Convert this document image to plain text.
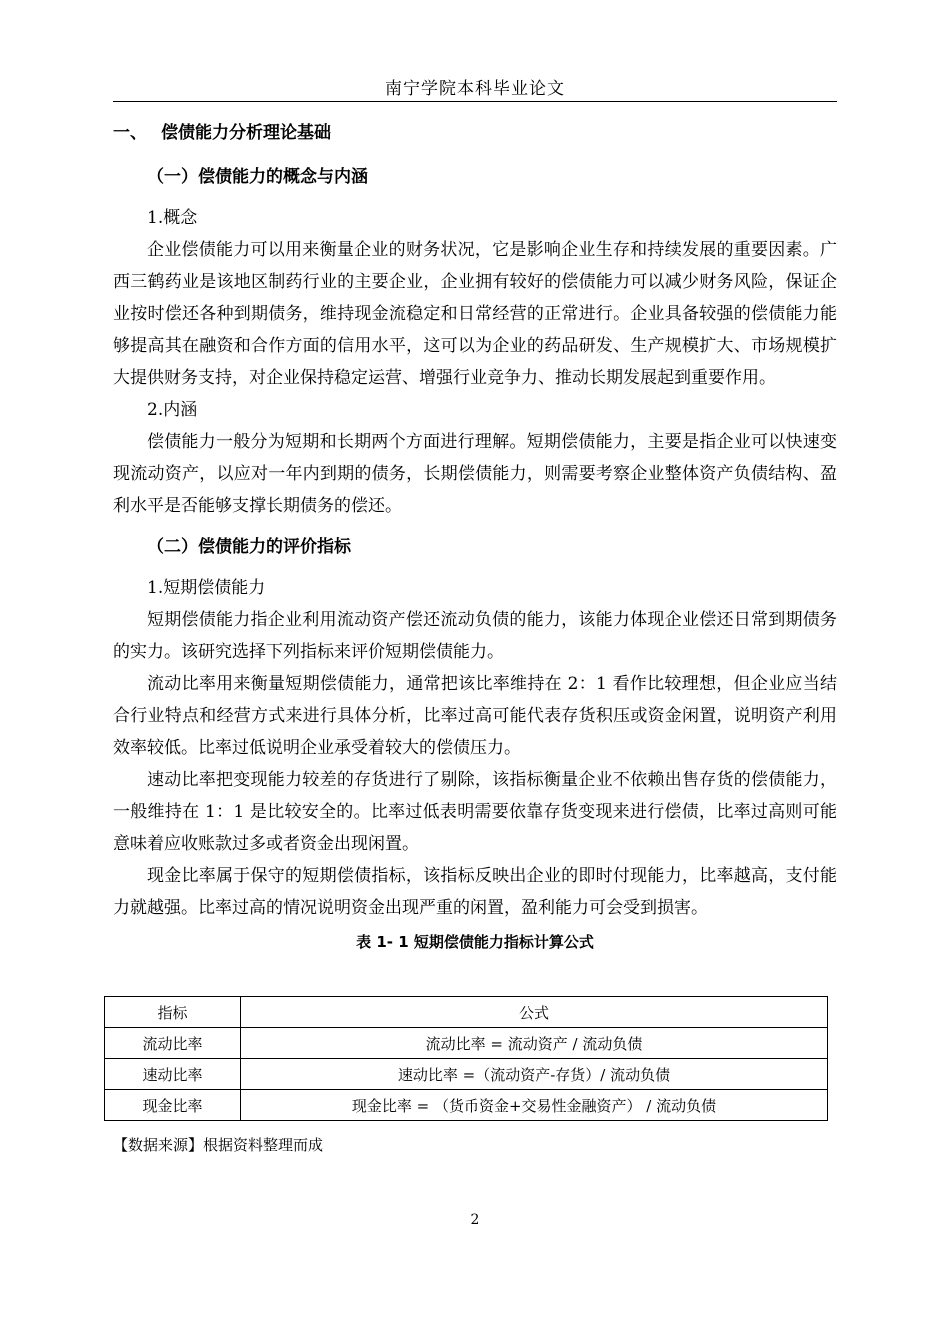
南宁学院本科毕业论文
一、 偿债能力分析理论基础
（一）偿债能力的概念与内涵
1.概念

企业偿债能力可以用来衡量企业的财务状况，它是影响企业生存和持续发展的重要因素。广西三鹤药业是该地区制药行业的主要企业，企业拥有较好的偿债能力可以减少财务风险，保证企业按时偿还各种到期债务，维持现金流稳定和日常经营的正常进行。企业具备较强的偿债能力能够提高其在融资和合作方面的信用水平，这可以为企业的药品研发、生产规模扩大、市场规模扩大提供财务支持，对企业保持稳定运营、增强行业竞争力、推动长期发展起到重要作用。

2.内涵

偿债能力一般分为短期和长期两个方面进行理解。短期偿债能力，主要是指企业可以快速变现流动资产，以应对一年内到期的债务，长期偿债能力，则需要考察企业整体资产负债结构、盈利水平是否能够支撑长期债务的偿还。

（二）偿债能力的评价指标
1.短期偿债能力

短期偿债能力指企业利用流动资产偿还流动负债的能力，该能力体现企业偿还日常到期债务的实力。该研究选择下列指标来评价短期偿债能力。

流动比率用来衡量短期偿债能力，通常把该比率维持在 2：1 看作比较理想，但企业应当结合行业特点和经营方式来进行具体分析，比率过高可能代表存货积压或资金闲置，说明资产利用效率较低。比率过低说明企业承受着较大的偿债压力。

速动比率把变现能力较差的存货进行了剔除，该指标衡量企业不依赖出售存货的偿债能力，一般维持在 1：1 是比较安全的。比率过低表明需要依靠存货变现来进行偿债，比率过高则可能意味着应收账款过多或者资金出现闲置。

现金比率属于保守的短期偿债指标，该指标反映出企业的即时付现能力，比率越高，支付能力就越强。比率过高的情况说明资金出现严重的闲置，盈利能力可会受到损害。

表 1- 1 短期偿债能力指标计算公式
指标	公式
流动比率	流动比率 = 流动资产 / 流动负债
速动比率	速动比率 =（流动资产-存货）/ 流动负债
现金比率	现金比率 = （货币资金+交易性金融资产） / 流动负债
【数据来源】根据资料整理而成
2
